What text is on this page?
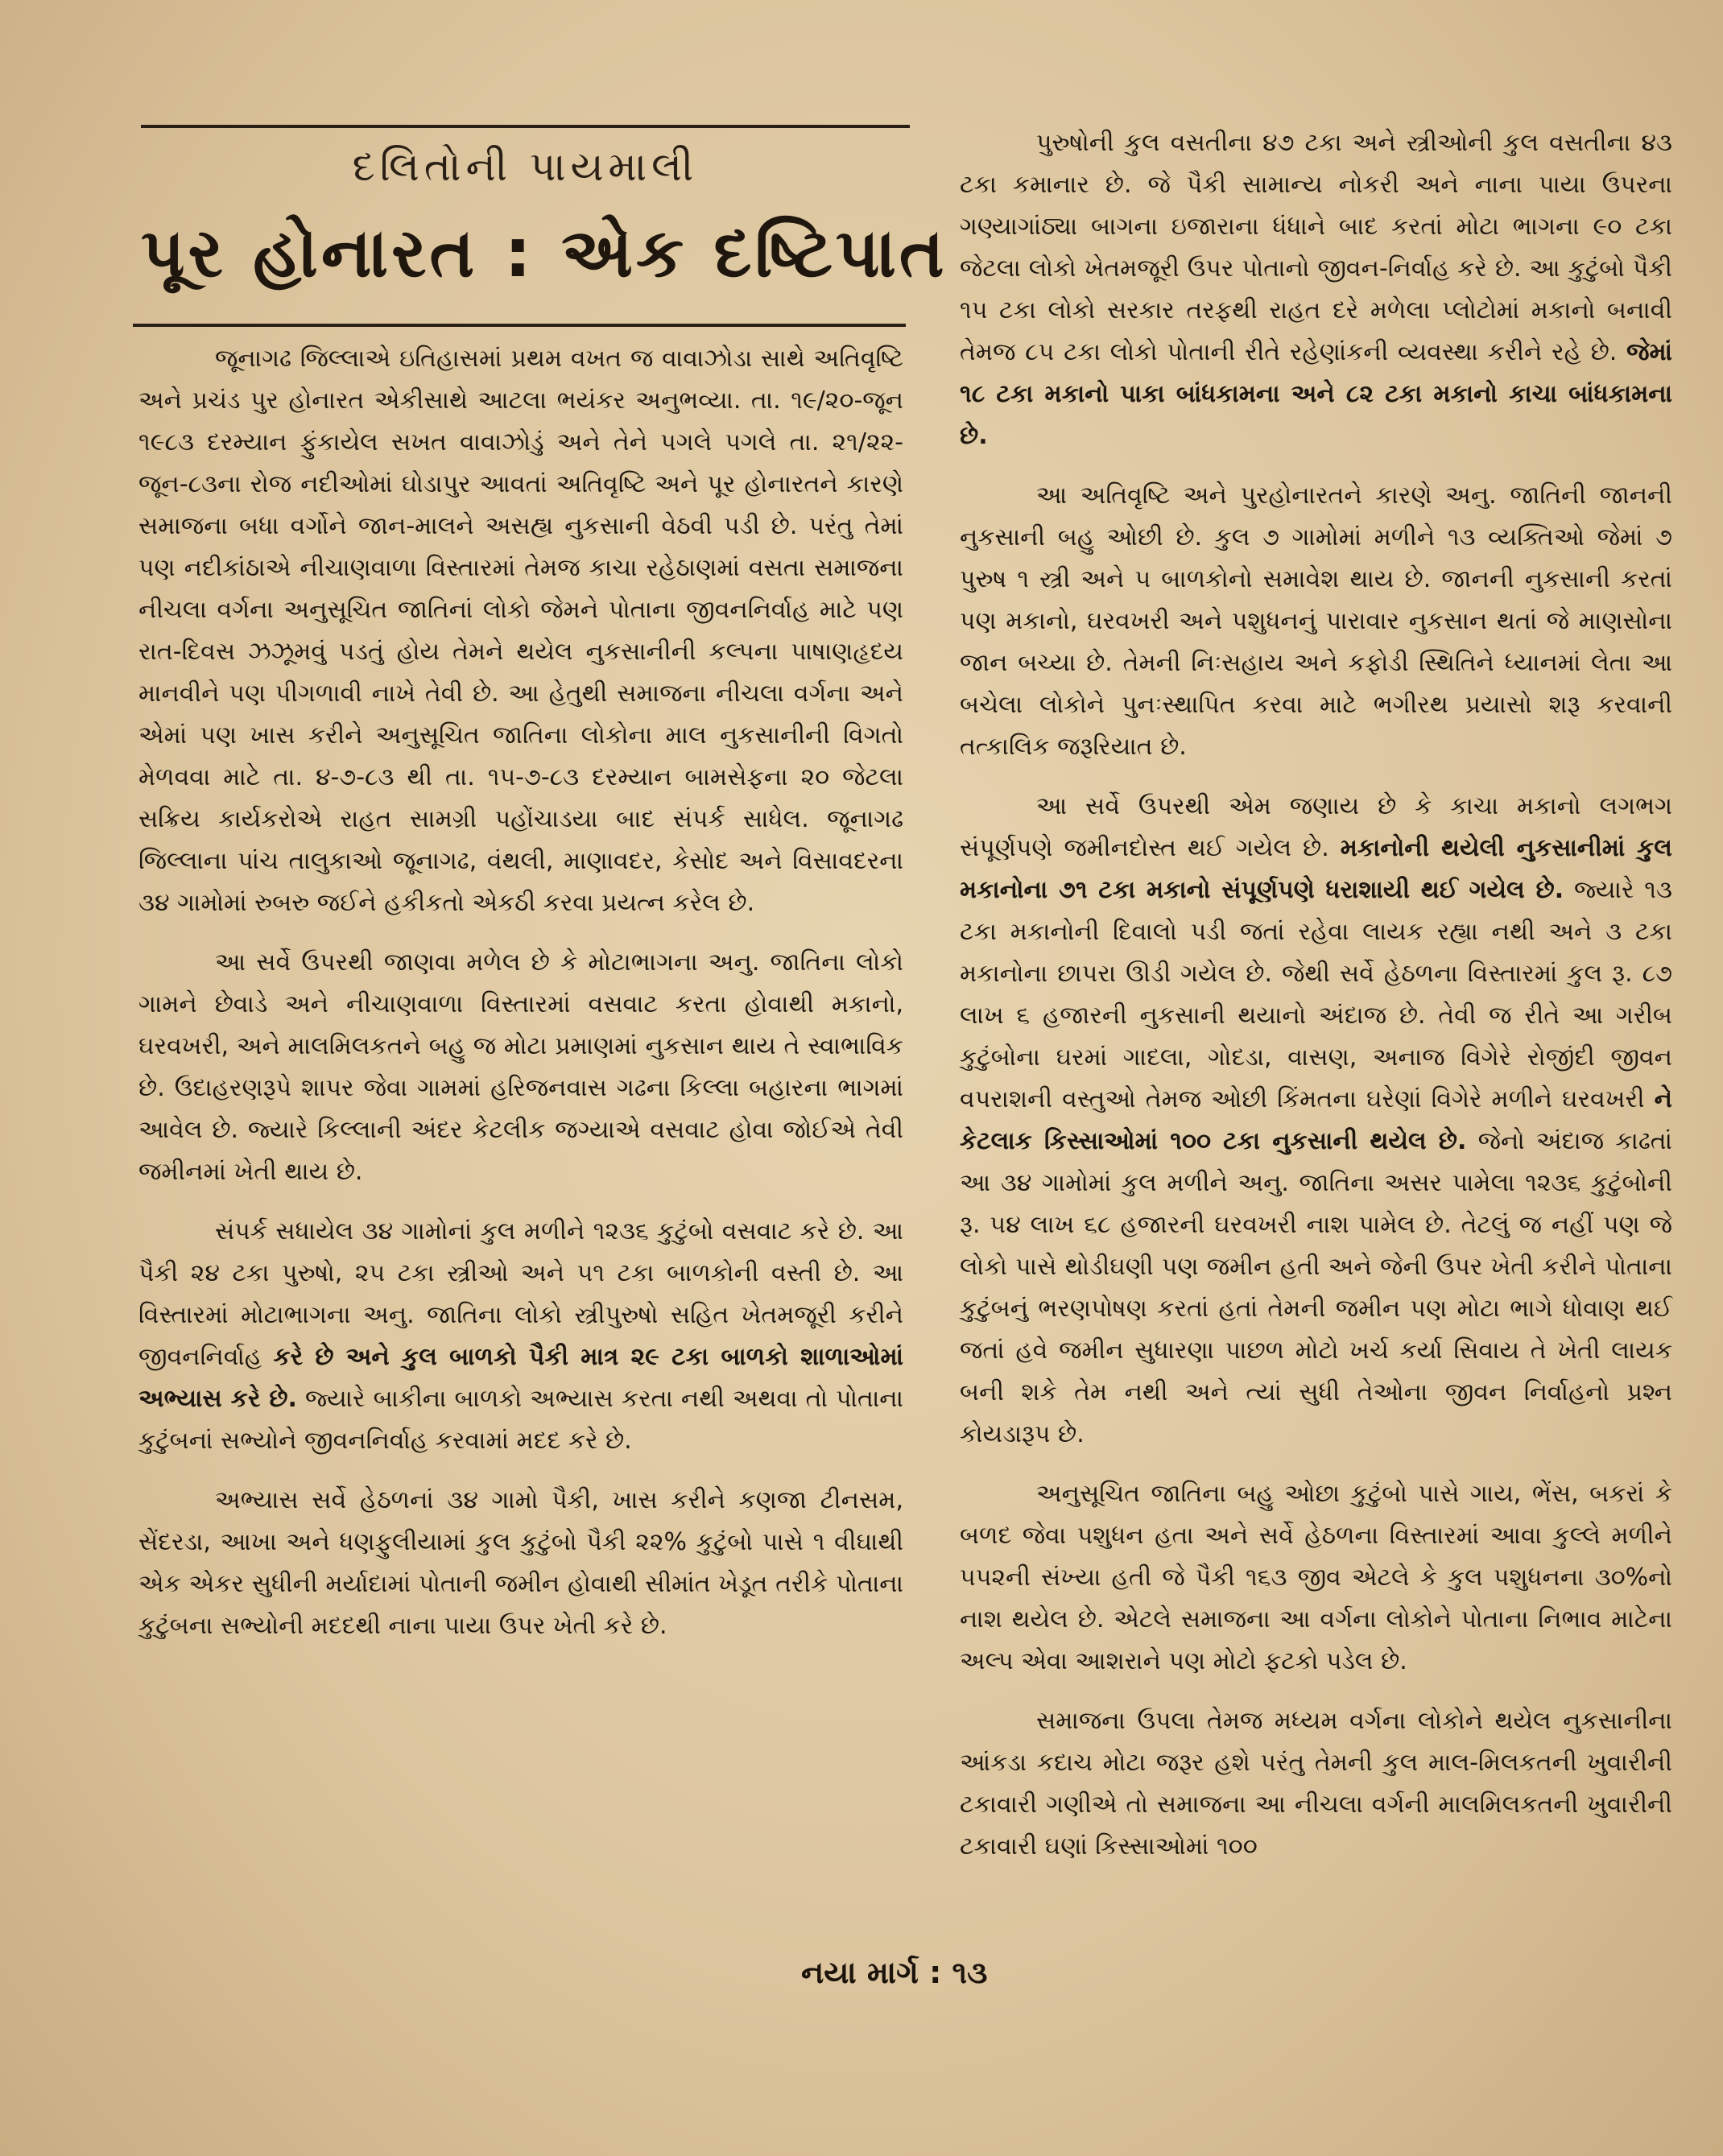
દલિતોની પાયમાલી
પૂર હોનારત : એક દષ્ટિપાત

જૂનાગઢ જિલ્લાએ ઇતિહાસમાં પ્રથમ વખત જ વાવાઝોડા સાથે અતિવૃષ્ટિ અને પ્રચંડ પુર હોનારત એકીસાથે આટલા ભયંકર અનુભવ્યા. તા. ૧૯/૨૦-જૂન ૧૯૮૩ દરમ્યાન ફુંકાયેલ સખત વાવાઝોડું અને તેને પગલે પગલે તા. ૨૧/૨૨-જૂન-૮૩ના રોજ નદીઓમાં ઘોડાપુર આવતાં અતિવૃષ્ટિ અને પૂર હોનારતને કારણે સમાજના બધા વર્ગોને જાન-માલને અસહ્ય નુકસાની વેઠવી પડી છે. પરંતુ તેમાં પણ નદીકાંઠાએ નીચાણવાળા વિસ્તારમાં તેમજ કાચા રહેઠાણમાં વસતા સમાજના નીચલા વર્ગના અનુસૂચિત જાતિનાં લોકો જેમને પોતાના જીવનનિર્વાહ માટે પણ રાત-દિવસ ઝઝૂમવું પડતું હોય તેમને થયેલ નુકસાનીની કલ્પના પાષાણહૃદય માનવીને પણ પીગળાવી નાખે તેવી છે. આ હેતુથી સમાજના નીચલા વર્ગના અને એમાં પણ ખાસ કરીને અનુસૂચિત જાતિના લોકોના માલ નુકસાનીની વિગતો મેળવવા માટે તા. ૪-૭-૮૩ થી તા. ૧૫-૭-૮૩ દરમ્યાન બામસેફના ૨૦ જેટલા સક્રિય કાર્યકરોએ રાહત સામગ્રી પહોંચાડયા બાદ સંપર્ક સાધેલ. જૂનાગઢ જિલ્લાના પાંચ તાલુકાઓ જૂનાગઢ, વંથલી, માણાવદર, કેસોદ અને વિસાવદરના ૩૪ ગામોમાં રુબરુ જઈને હકીકતો એકઠી કરવા પ્રયત્ન કરેલ છે.

આ સર્વે ઉપરથી જાણવા મળેલ છે કે મોટાભાગના અનુ. જાતિના લોકો ગામને છેવાડે અને નીચાણવાળા વિસ્તારમાં વસવાટ કરતા હોવાથી મકાનો, ઘરવખરી, અને માલમિલકતને બહુ જ મોટા પ્રમાણમાં નુકસાન થાય તે સ્વાભાવિક છે. ઉદાહરણરૂપે શાપર જેવા ગામમાં હરિજનવાસ ગઢના કિલ્લા બહારના ભાગમાં આવેલ છે. જ્યારે કિલ્લાની અંદર કેટલીક જગ્યાએ વસવાટ હોવા જોઈએ તેવી જમીનમાં ખેતી થાય છે.

સંપર્ક સધાયેલ ૩૪ ગામોનાં કુલ મળીને ૧૨૩૬ કુટુંબો વસવાટ કરે છે. આ પૈકી ૨૪ ટકા પુરુષો, ૨૫ ટકા સ્ત્રીઓ અને ૫૧ ટકા બાળકોની વસ્તી છે. આ વિસ્તારમાં મોટાભાગના અનુ. જાતિના લોકો સ્ત્રીપુરુષો સહિત ખેતમજૂરી કરીને જીવનનિર્વાહ કરે છે અને કુલ બાળકો પૈકી માત્ર ૨૯ ટકા બાળકો શાળાઓમાં અભ્યાસ કરે છે. જ્યારે બાકીના બાળકો અભ્યાસ કરતા નથી અથવા તો પોતાના કુટુંબનાં સભ્યોને જીવનનિર્વાહ કરવામાં મદદ કરે છે.

અભ્યાસ સર્વે હેઠળનાં ૩૪ ગામો પૈકી, ખાસ કરીને કણજા ટીનસમ, સેંદરડા, આખા અને ધણફુલીયામાં કુલ કુટુંબો પૈકી ૨૨% કુટુંબો પાસે ૧ વીઘાથી એક એકર સુધીની મર્યાદામાં પોતાની જમીન હોવાથી સીમાંત ખેડૂત તરીકે પોતાના કુટુંબના સભ્યોની મદદથી નાના પાયા ઉપર ખેતી કરે છે.

પુરુષોની કુલ વસતીના ૪૭ ટકા અને સ્ત્રીઓની કુલ વસતીના ૪૩ ટકા કમાનાર છે. જે પૈકી સામાન્ય નોકરી અને નાના પાયા ઉપરના ગણ્યાગાંઠ્યા બાગના ઇજારાના ધંધાને બાદ કરતાં મોટા ભાગના ૯૦ ટકા જેટલા લોકો ખેતમજૂરી ઉપર પોતાનો જીવન-નિર્વાહ કરે છે. આ કુટુંબો પૈકી ૧૫ ટકા લોકો સરકાર તરફથી રાહત દરે મળેલા પ્લોટોમાં મકાનો બનાવી તેમજ ૮૫ ટકા લોકો પોતાની રીતે રહેણાંકની વ્યવસ્થા કરીને રહે છે. જેમાં ૧૮ ટકા મકાનો પાકા બાંધકામના અને ૮૨ ટકા મકાનો કાચા બાંધકામના છે.

આ અતિવૃષ્ટિ અને પુરહોનારતને કારણે અનુ. જાતિની જાનની નુકસાની બહુ ઓછી છે. કુલ ૭ ગામોમાં મળીને ૧૩ વ્યક્તિઓ જેમાં ૭ પુરુષ ૧ સ્ત્રી અને ૫ બાળકોનો સમાવેશ થાય છે. જાનની નુકસાની કરતાં પણ મકાનો, ઘરવખરી અને પશુધનનું પારાવાર નુકસાન થતાં જે માણસોના જાન બચ્યા છે. તેમની નિઃસહાય અને કફોડી સ્થિતિને ધ્યાનમાં લેતા આ બચેલા લોકોને પુનઃસ્થાપિત કરવા માટે ભગીરથ પ્રયાસો શરૂ કરવાની તત્કાલિક જરૂરિયાત છે.

આ સર્વે ઉપરથી એમ જણાય છે કે કાચા મકાનો લગભગ સંપૂર્ણપણે જમીનદોસ્ત થઈ ગયેલ છે. મકાનોની થયેલી નુકસાનીમાં કુલ મકાનોના ૭૧ ટકા મકાનો સંપૂર્ણપણે ધરાશાયી થઈ ગયેલ છે. જ્યારે ૧૩ ટકા મકાનોની દિવાલો પડી જતાં રહેવા લાયક રહ્યા નથી અને ૩ ટકા મકાનોના છાપરા ઊડી ગયેલ છે. જેથી સર્વે હેઠળના વિસ્તારમાં કુલ રૂ. ૮૭ લાખ ૬ હજારની નુકસાની થયાનો અંદાજ છે. તેવી જ રીતે આ ગરીબ કુટુંબોના ઘરમાં ગાદલા, ગોદડા, વાસણ, અનાજ વિગેરે રોજીંદી જીવન વપરાશની વસ્તુઓ તેમજ ઓછી કિંમતના ઘરેણાં વિગેરે મળીને ઘરવખરી ને કેટલાક કિસ્સાઓમાં ૧૦૦ ટકા નુકસાની થયેલ છે. જેનો અંદાજ કાઢતાં આ ૩૪ ગામોમાં કુલ મળીને અનુ. જાતિના અસર પામેલા ૧૨૩૬ કુટુંબોની રૂ. ૫૪ લાખ ૬૮ હજારની ઘરવખરી નાશ પામેલ છે. તેટલું જ નહીં પણ જે લોકો પાસે થોડીઘણી પણ જમીન હતી અને જેની ઉપર ખેતી કરીને પોતાના કુટુંબનું ભરણપોષણ કરતાં હતાં તેમની જમીન પણ મોટા ભાગે ધોવાણ થઈ જતાં હવે જમીન સુધારણા પાછળ મોટો ખર્ચ કર્યા સિવાય તે ખેતી લાયક બની શકે તેમ નથી અને ત્યાં સુધી તેઓના જીવન નિર્વાહનો પ્રશ્ન કોયડારૂપ છે.

અનુસૂચિત જાતિના બહુ ઓછા કુટુંબો પાસે ગાય, ભેંસ, બકરાં કે બળદ જેવા પશુધન હતા અને સર્વે હેઠળના વિસ્તારમાં આવા કુલ્લે મળીને ૫૫૨ની સંખ્યા હતી જે પૈકી ૧૬૩ જીવ એટલે કે કુલ પશુધનના ૩૦%નો નાશ થયેલ છે. એટલે સમાજના આ વર્ગના લોકોને પોતાના નિભાવ માટેના અલ્પ એવા આશરાને પણ મોટો ફટકો પડેલ છે.

સમાજના ઉપલા તેમજ મધ્યમ વર્ગના લોકોને થયેલ નુકસાનીના આંકડા કદાચ મોટા જરૂર હશે પરંતુ તેમની કુલ માલ-મિલકતની ખુવારીની ટકાવારી ગણીએ તો સમાજના આ નીચલા વર્ગની માલમિલકતની ખુવારીની ટકાવારી ઘણાં કિસ્સાઓમાં ૧૦૦

નયા માર્ગ : ૧૩
